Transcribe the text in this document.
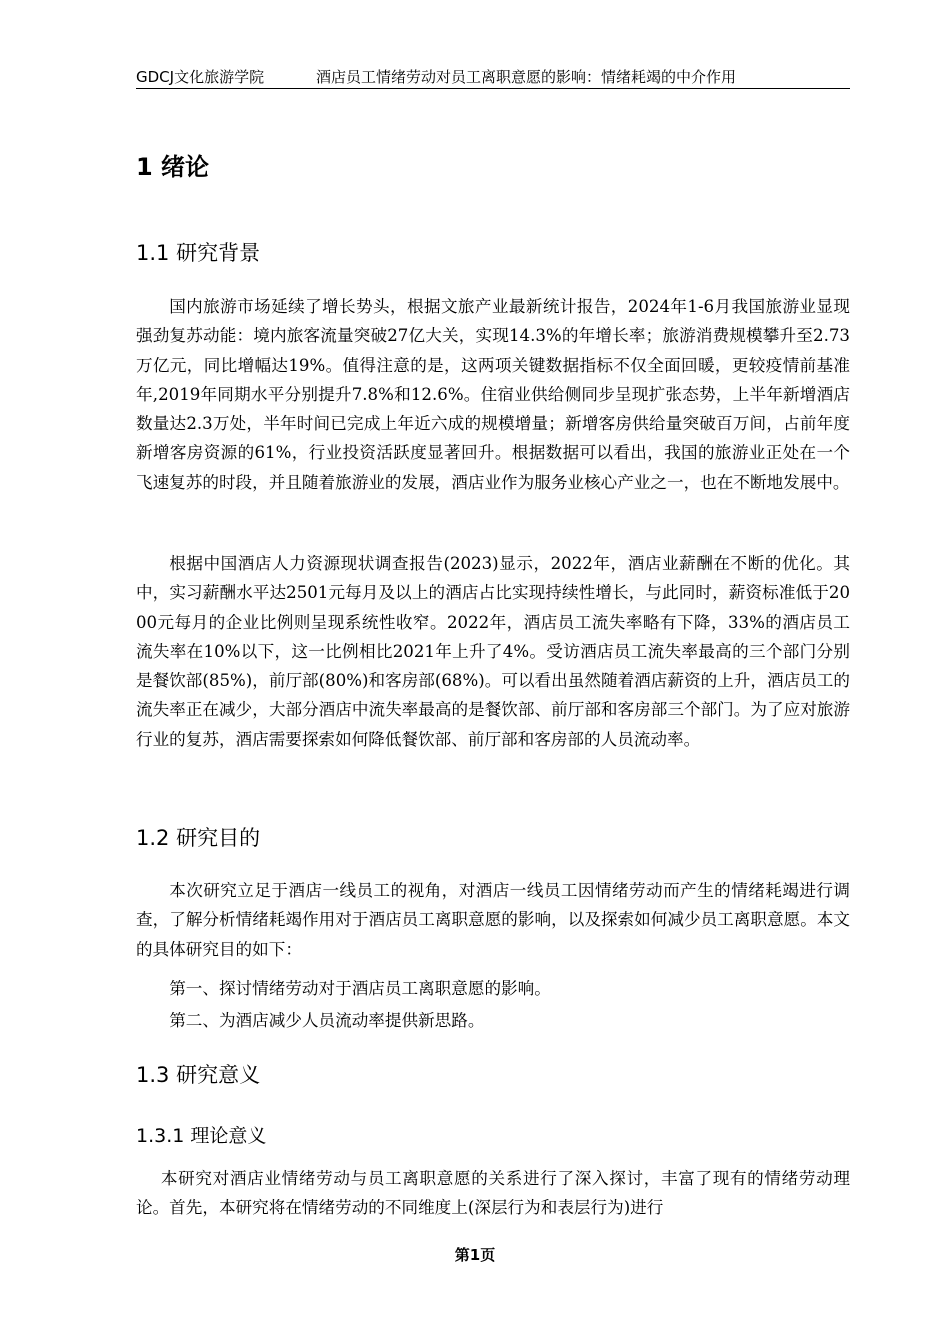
GDCJ文化旅游学院	酒店员工情绪劳动对员工离职意愿的影响：情绪耗竭的中介作用
1 绪论
1.1 研究背景

国内旅游市场延续了增长势头，根据文旅产业最新统计报告，2024年1-6月我国旅游业显现强劲复苏动能：境内旅客流量突破27亿大关，实现14.3%的年增长率；旅游消费规模攀升至2.73万亿元，同比增幅达19%。值得注意的是，这两项关键数据指标不仅全面回暖，更较疫情前基准年,2019年同期水平分别提升7.8%和12.6%。住宿业供给侧同步呈现扩张态势，上半年新增酒店数量达2.3万处，半年时间已完成上年近六成的规模增量；新增客房供给量突破百万间，占前年度新增客房资源的61%，行业投资活跃度显著回升。根据数据可以看出，我国的旅游业正处在一个飞速复苏的时段，并且随着旅游业的发展，酒店业作为服务业核心产业之一，也在不断地发展中。

根据中国酒店人力资源现状调查报告(2023)显示，2022年，酒店业薪酬在不断的优化。其中，实习薪酬水平达2501元每月及以上的酒店占比实现持续性增长，与此同时，薪资标准低于2000元每月的企业比例则呈现系统性收窄。2022年，酒店员工流失率略有下降，33%的酒店员工流失率在10%以下，这一比例相比2021年上升了4%。受访酒店员工流失率最高的三个部门分别是餐饮部(85%)，前厅部(80%)和客房部(68%)。可以看出虽然随着酒店薪资的上升，酒店员工的流失率正在减少，大部分酒店中流失率最高的是餐饮部、前厅部和客房部三个部门。为了应对旅游行业的复苏，酒店需要探索如何降低餐饮部、前厅部和客房部的人员流动率。

1.2 研究目的

本次研究立足于酒店一线员工的视角，对酒店一线员工因情绪劳动而产生的情绪耗竭进行调查，了解分析情绪耗竭作用对于酒店员工离职意愿的影响，以及探索如何减少员工离职意愿。本文的具体研究目的如下：

第一、探讨情绪劳动对于酒店员工离职意愿的影响。

第二、为酒店减少人员流动率提供新思路。

1.3 研究意义
1.3.1 理论意义

本研究对酒店业情绪劳动与员工离职意愿的关系进行了深入探讨，丰富了现有的情绪劳动理论。首先，本研究将在情绪劳动的不同维度上(深层行为和表层行为)进行

第1页
